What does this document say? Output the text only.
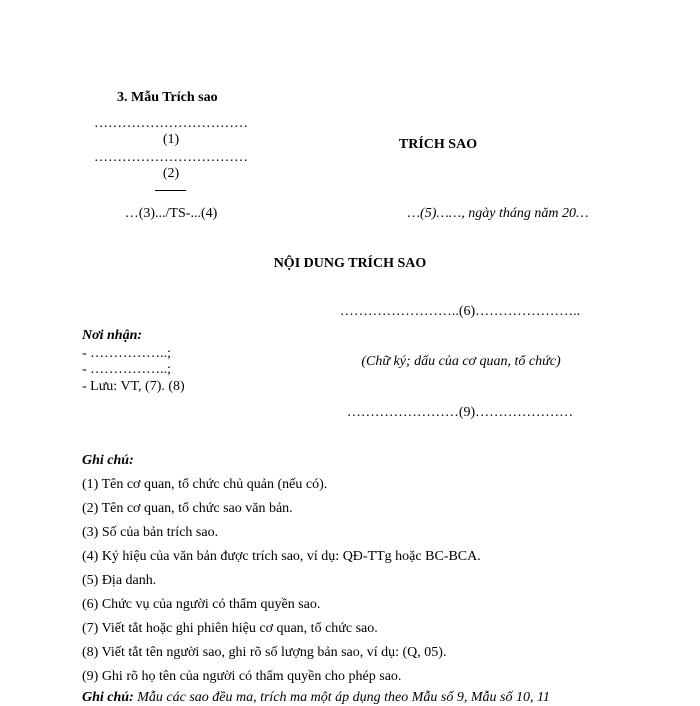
3. Mẫu Trích sao
……………………………
(1)
……………………………
(2)
…(3).../TS-...(4)
TRÍCH SAO
…(5)……, ngày tháng năm 20…
NỘI DUNG TRÍCH SAO
……………………..(6)…………………..
(Chữ ký; dấu của cơ quan, tổ chức)
……………………(9)…………………
Nơi nhận:
- ……………..;
- ……………..;
- Lưu: VT, (7). (8)
Ghi chú:
(1) Tên cơ quan, tổ chức chủ quản (nếu có).
(2) Tên cơ quan, tổ chức sao văn bản.
(3) Số của bản trích sao.
(4) Ký hiệu của văn bản được trích sao, ví dụ: QĐ-TTg hoặc BC-BCA.
(5) Địa danh.
(6) Chức vụ của người có thẩm quyền sao.
(7) Viết tắt hoặc ghi phiên hiệu cơ quan, tổ chức sao.
(8) Viết tắt tên người sao, ghi rõ số lượng bản sao, ví dụ: (Q, 05).
(9) Ghi rõ họ tên của người có thẩm quyền cho phép sao.
Ghi chú: Mẫu các sao đều ma, trích ma một áp dụng theo Mẫu số 9, Mẫu số 10, 11
